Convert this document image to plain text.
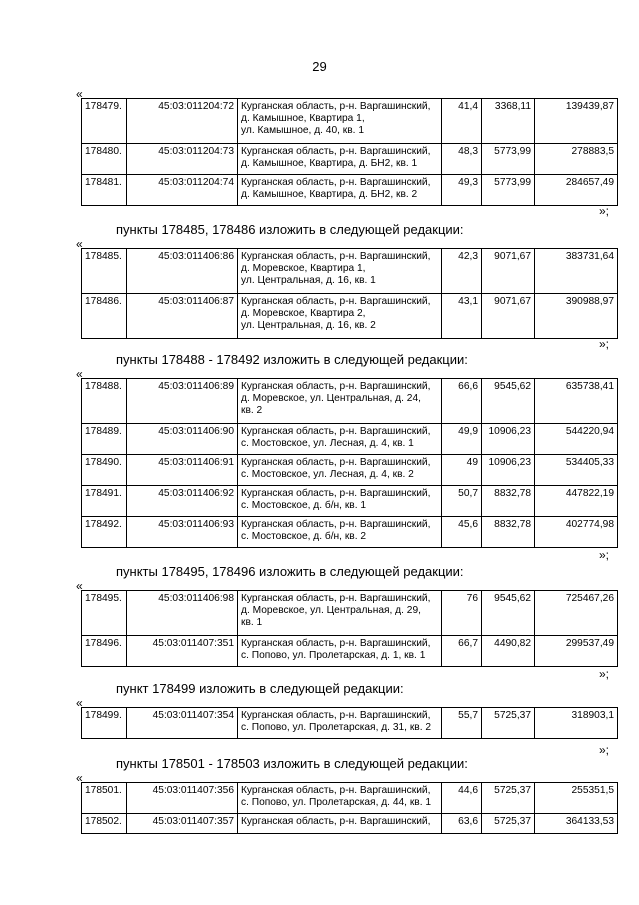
29
«
178479.	45:03:011204:72	Курганская область, р-н. Варгашинский,
д. Камышное, Квартира 1,
ул. Камышное, д. 40, кв. 1	41,4	3368,11	139439,87
178480.	45:03:011204:73	Курганская область, р-н. Варгашинский,
д. Камышное, Квартира, д. БН2, кв. 1	48,3	5773,99	278883,5
178481.	45:03:011204:74	Курганская область, р-н. Варгашинский,
д. Камышное, Квартира, д. БН2, кв. 2	49,3	5773,99	284657,49
»;
пункты 178485, 178486 изложить в следующей редакции:
«
178485.	45:03:011406:86	Курганская область, р-н. Варгашинский,
д. Моревское, Квартира 1,
ул. Центральная, д. 16, кв. 1	42,3	9071,67	383731,64
178486.	45:03:011406:87	Курганская область, р-н. Варгашинский,
д. Моревское, Квартира 2,
ул. Центральная, д. 16, кв. 2	43,1	9071,67	390988,97
»;
пункты 178488 - 178492 изложить в следующей редакции:
«
178488.	45:03:011406:89	Курганская область, р-н. Варгашинский,
д. Моревское, ул. Центральная, д. 24,
кв. 2	66,6	9545,62	635738,41
178489.	45:03:011406:90	Курганская область, р-н. Варгашинский,
с. Мостовское, ул. Лесная, д. 4, кв. 1	49,9	10906,23	544220,94
178490.	45:03:011406:91	Курганская область, р-н. Варгашинский,
с. Мостовское, ул. Лесная, д. 4, кв. 2	49	10906,23	534405,33
178491.	45:03:011406:92	Курганская область, р-н. Варгашинский,
с. Мостовское, д. б/н, кв. 1	50,7	8832,78	447822,19
178492.	45:03:011406:93	Курганская область, р-н. Варгашинский,
с. Мостовское, д. б/н, кв. 2	45,6	8832,78	402774,98
»;
пункты 178495, 178496 изложить в следующей редакции:
«
178495.	45:03:011406:98	Курганская область, р-н. Варгашинский,
д. Моревское, ул. Центральная, д. 29,
кв. 1	76	9545,62	725467,26
178496.	45:03:011407:351	Курганская область, р-н. Варгашинский,
с. Попово, ул. Пролетарская, д. 1, кв. 1	66,7	4490,82	299537,49
»;
пункт 178499 изложить в следующей редакции:
«
178499.	45:03:011407:354	Курганская область, р-н. Варгашинский,
с. Попово, ул. Пролетарская, д. 31, кв. 2
	55,7	5725,37	318903,1
»;
пункты 178501 - 178503 изложить в следующей редакции:
«
178501.	45:03:011407:356	Курганская область, р-н. Варгашинский,
с. Попово, ул. Пролетарская, д. 44, кв. 1	44,6	5725,37	255351,5
178502.	45:03:011407:357	Курганская область, р-н. Варгашинский,	63,6	5725,37	364133,53
